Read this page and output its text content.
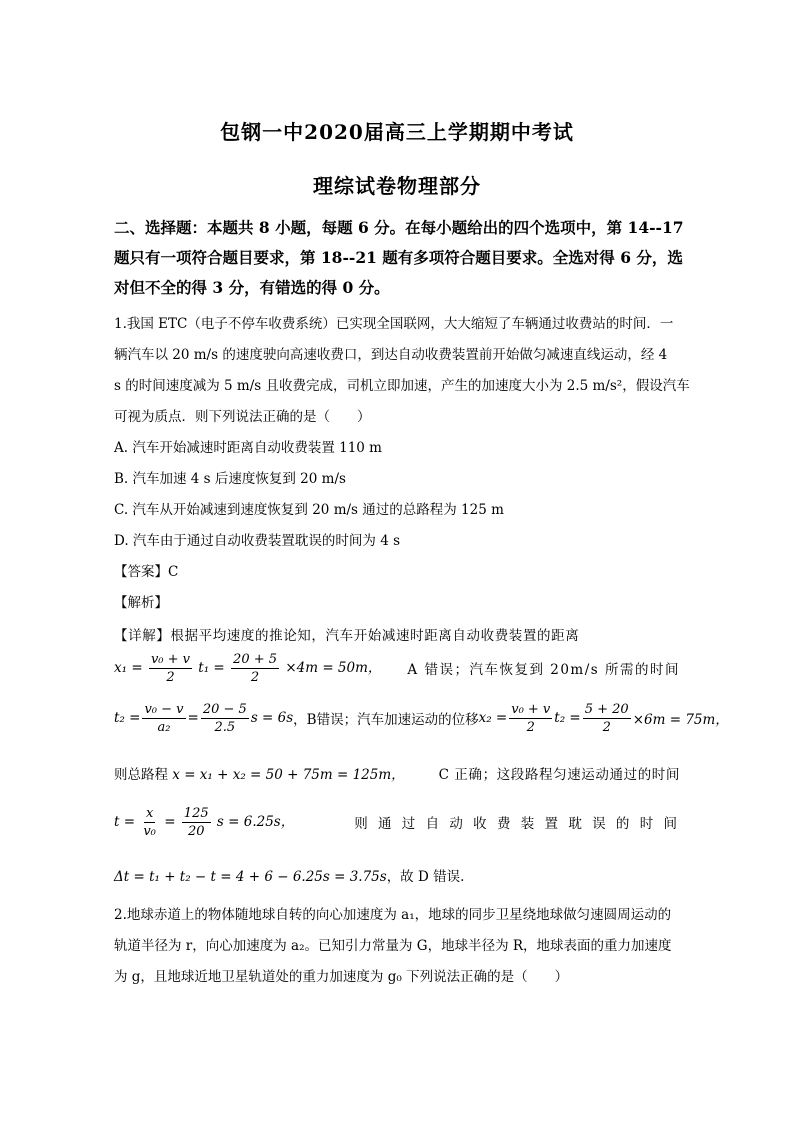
包钢一中2020届高三上学期期中考试
理综试卷物理部分
二、选择题：本题共 8 小题，每题 6 分。在每小题给出的四个选项中，第 14--17
题只有一项符合题目要求，第 18--21 题有多项符合题目要求。全选对得 6 分，选
对但不全的得 3 分，有错选的得 0 分。
1.我国 ETC（电子不停车收费系统）已实现全国联网，大大缩短了车辆通过收费站的时间．一
辆汽车以 20 m/s 的速度驶向高速收费口，到达自动收费装置前开始做匀减速直线运动，经 4
s 的时间速度减为 5 m/s 且收费完成，司机立即加速，产生的加速度大小为 2.5 m/s²，假设汽车
可视为质点．则下列说法正确的是（　　）
A. 汽车开始减速时距离自动收费装置 110 m
B. 汽车加速 4 s 后速度恢复到 20 m/s
C. 汽车从开始减速到速度恢复到 20 m/s 通过的总路程为 125 m
D. 汽车由于通过自动收费装置耽误的时间为 4 s
【答案】C
【解析】
【详解】根据平均速度的推论知，汽车开始减速时距离自动收费装置的距离
$x_1 = \frac{\text{v₀ + v}}{2} t_1 = \frac{20 + 5}{2} \times 4m = 50m$， A 错误；汽车恢复到 20m/s 所需的时间
$t_2 = \frac{\text{v₀ − v}}{\text{a₂}} = \frac{20 - 5}{2.5}$ s = 6s ，B错误；汽车加速运动的位移 $x_2 = \frac{\text{v₀ + v}}{2} t_2 = \frac{5 + 20}{2} \times 6m = 75m$，
则总路程 x = x₁ + x₂ = 50 + 75m = 125m，	C 正确；这段路程匀速运动通过的时间
$t = \frac{x}{\text{v₀}} = \frac{125}{20}$ s = 6.25s，	则 通 过 自 动 收 费 装 置 耽 误 的 时 间
Δt = t₁ + t₂ − t = 4 + 6 − 6.25s = 3.75s，故 D 错误.
2.地球赤道上的物体随地球自转的向心加速度为 a₁，地球的同步卫星绕地球做匀速圆周运动的
轨道半径为 r，向心加速度为 a₂。已知引力常量为 G，地球半径为 R，地球表面的重力加速度
为 g，且地球近地卫星轨道处的重力加速度为 g₀ 下列说法正确的是（　　）
